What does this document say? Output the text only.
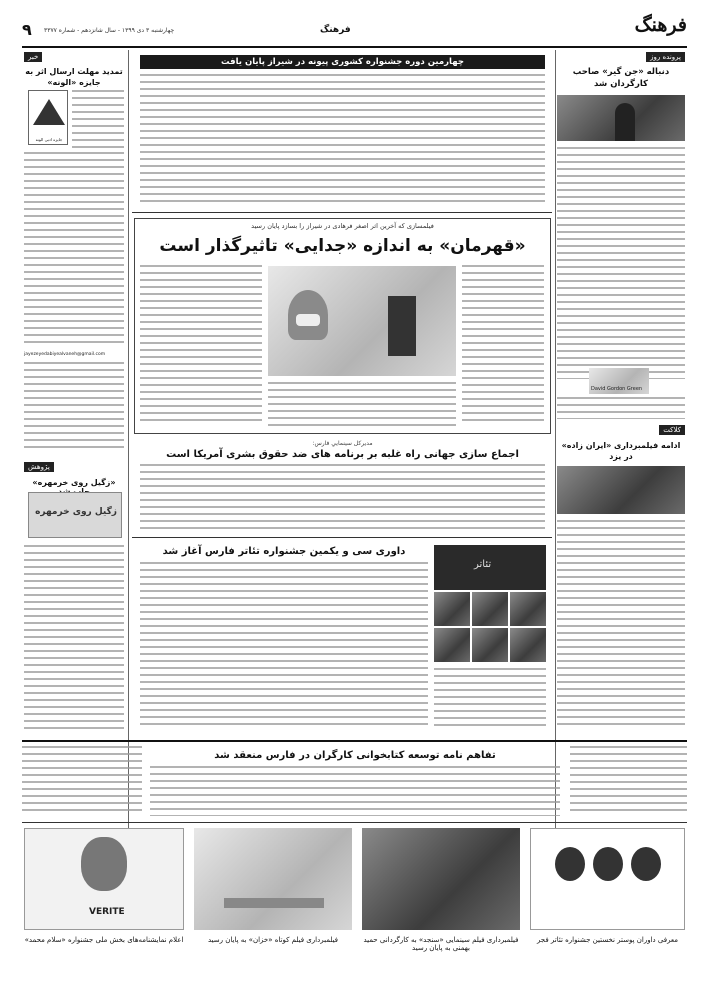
۹ چهارشنبه ۳ دی ۱۳۹۹ - سال شانزدهم - شماره ۳۳۷۷	فرهنگ	فرهنگ
پرونده روز
دنباله «جن گیر» صاحب کارگردان شد
David Gordon Green
کلاکت
ادامه فیلمبرداری «ایران زاده» در یزد
خبر
تمدید مهلت ارسال اثر به جایزه «الونه»
جایزه ادبی الونه
jayezeyedabiyealvaneh@gmail.com
پژوهش
«زگیل روی خرمهره»
زگیل روی خرمهره
چهارمین دوره جشنواره کشوری پیونه در شیراز پایان یافت
فیلمسازی که آخرین اثر اصغر فرهادی در شیراز را بسازد پایان رسید
«قهرمان» به اندازه «جدایی» تاثیرگذار است
مدیرکل سینماییِ فارس:
اجماع سازی جهانی راه غلبه بر برنامه های ضد حقوق بشری آمریکا است
تئاتر
داوری سی و یکمین جشنواره تئاتر فارس آغاز شد
تفاهم نامه توسعه کتابخوانی کارگران در فارس منعقد شد
VERITE
معرفی داوران پوستر نخستین جشنواره تئاتر فجر
فیلمبرداری فیلم سینمایی «سنجد» به کارگردانی حمید بهمنی به پایان رسید
فیلمبرداری فیلم کوتاه «خزان» به پایان رسید
اعلام نمایشنامه‌های بخش ملی جشنواره «سلام محمد»
